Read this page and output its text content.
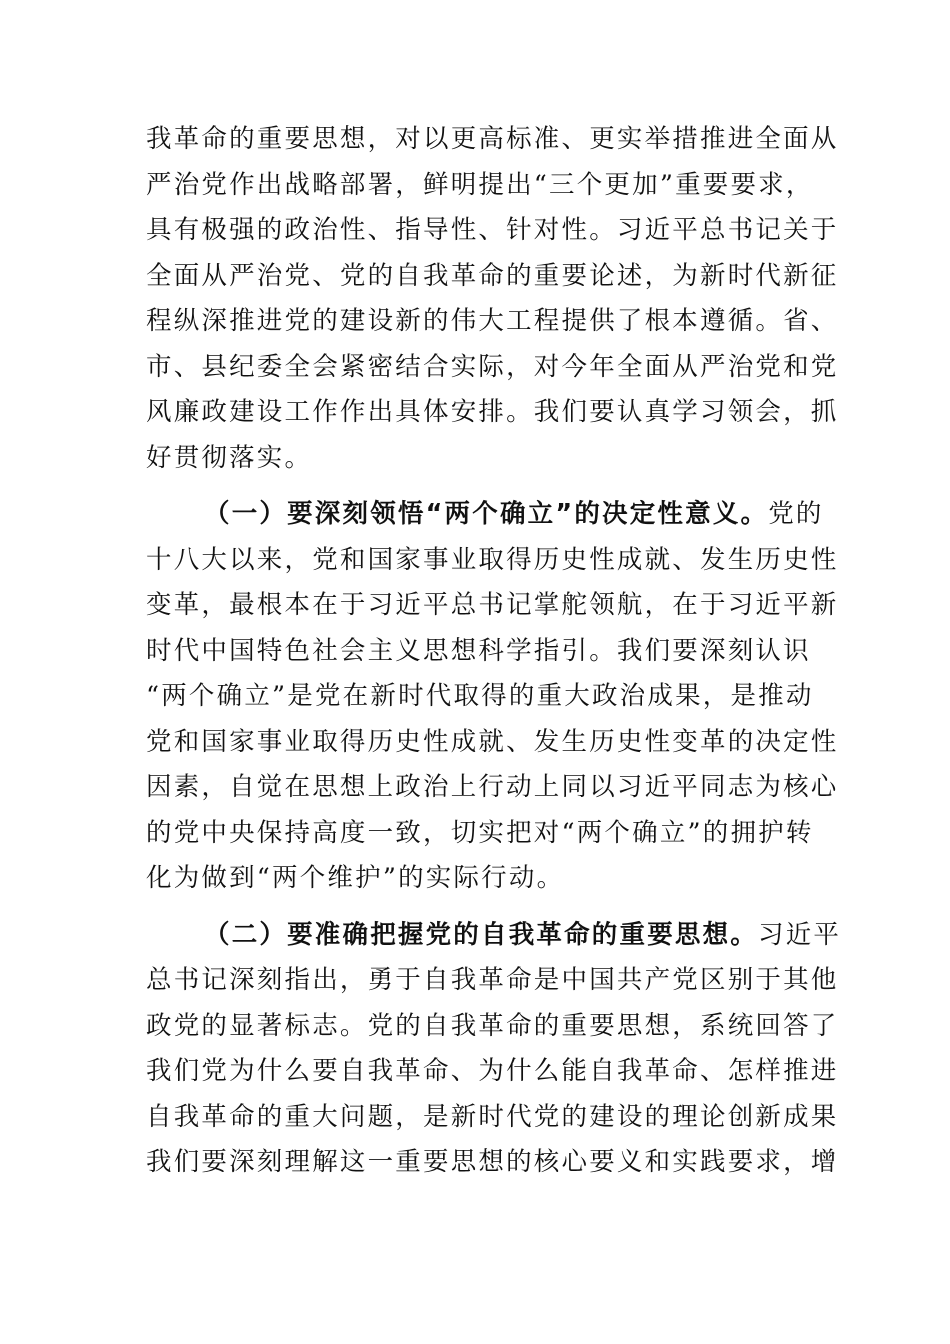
我革命的重要思想，对以更高标准、更实举措推进全面从
严治党作出战略部署，鲜明提出“三个更加”重要要求，
具有极强的政治性、指导性、针对性。习近平总书记关于
全面从严治党、党的自我革命的重要论述，为新时代新征
程纵深推进党的建设新的伟大工程提供了根本遵循。省、
市、县纪委全会紧密结合实际，对今年全面从严治党和党
风廉政建设工作作出具体安排。我们要认真学习领会，抓
好贯彻落实。
（一）要深刻领悟“两个确立”的决定性意义。党的
十八大以来，党和国家事业取得历史性成就、发生历史性
变革，最根本在于习近平总书记掌舵领航，在于习近平新
时代中国特色社会主义思想科学指引。我们要深刻认识
“两个确立”是党在新时代取得的重大政治成果，是推动
党和国家事业取得历史性成就、发生历史性变革的决定性
因素，自觉在思想上政治上行动上同以习近平同志为核心
的党中央保持高度一致，切实把对“两个确立”的拥护转
化为做到“两个维护”的实际行动。
（二）要准确把握党的自我革命的重要思想。习近平
总书记深刻指出，勇于自我革命是中国共产党区别于其他
政党的显著标志。党的自我革命的重要思想，系统回答了
我们党为什么要自我革命、为什么能自我革命、怎样推进
自我革命的重大问题，是新时代党的建设的理论创新成果
我们要深刻理解这一重要思想的核心要义和实践要求，增
